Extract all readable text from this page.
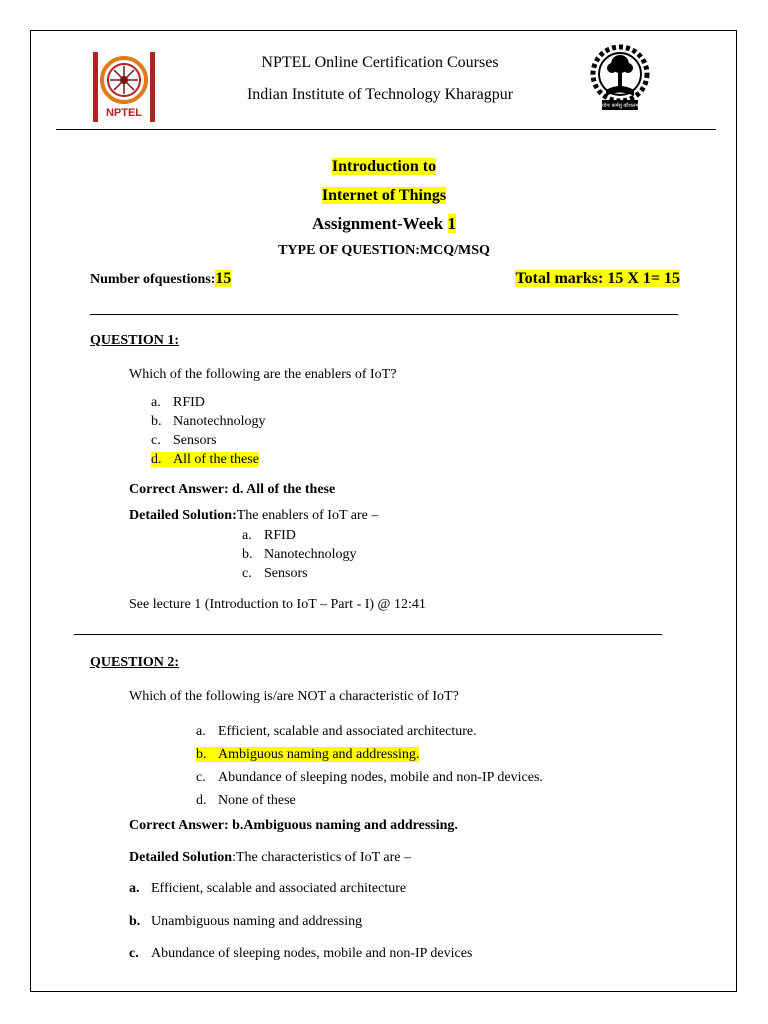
NPTEL
NPTEL Online Certification Courses
Indian Institute of Technology Kharagpur
योगः कर्मसु कौशलम्
Introduction to
Internet of Things
Assignment-Week 1
TYPE OF QUESTION:MCQ/MSQ
Number ofquestions:15	Total marks: 15 X 1= 15
QUESTION 1:
Which of the following are the enablers of IoT?
a. RFID
b. Nanotechnology
c. Sensors
d. All of the these
Correct Answer: d. All of the these
Detailed Solution:The enablers of IoT are –
a. RFID
b. Nanotechnology
c. Sensors
See lecture 1 (Introduction to IoT – Part - I) @ 12:41
QUESTION 2:
Which of the following is/are NOT a characteristic of IoT?
a. Efficient, scalable and associated architecture.
b. Ambiguous naming and addressing.
c. Abundance of sleeping nodes, mobile and non-IP devices.
d. None of these
Correct Answer: b.Ambiguous naming and addressing.
Detailed Solution:The characteristics of IoT are –
a. Efficient, scalable and associated architecture
b. Unambiguous naming and addressing
c. Abundance of sleeping nodes, mobile and non-IP devices
